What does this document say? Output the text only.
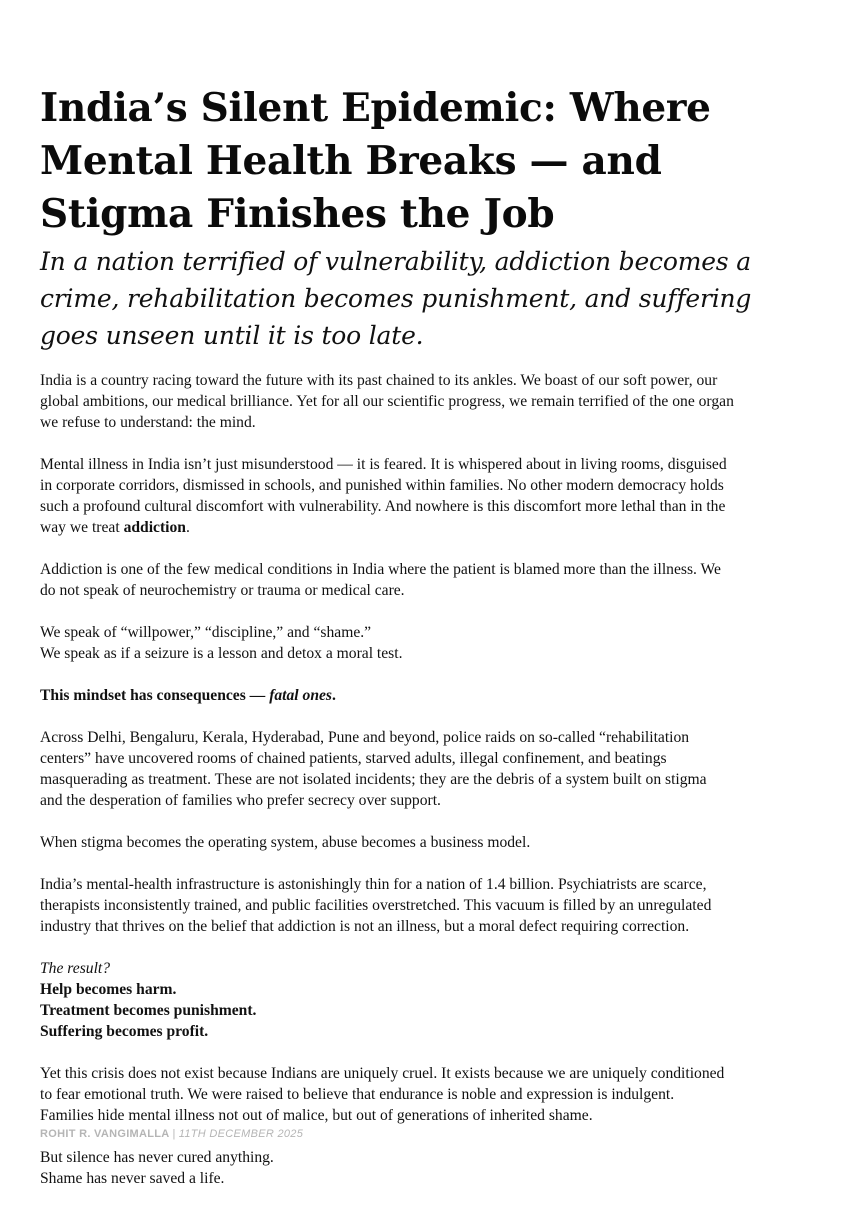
India’s Silent Epidemic: Where
Mental Health Breaks — and
Stigma Finishes the Job
In a nation terrified of vulnerability, addiction becomes a
crime, rehabilitation becomes punishment, and suffering
goes unseen until it is too late.

India is a country racing toward the future with its past chained to its ankles. We boast of our soft power, our
global ambitions, our medical brilliance. Yet for all our scientific progress, we remain terrified of the one organ
we refuse to understand: the mind.

Mental illness in India isn’t just misunderstood — it is feared. It is whispered about in living rooms, disguised
in corporate corridors, dismissed in schools, and punished within families. No other modern democracy holds
such a profound cultural discomfort with vulnerability. And nowhere is this discomfort more lethal than in the
way we treat addiction.

Addiction is one of the few medical conditions in India where the patient is blamed more than the illness. We
do not speak of neurochemistry or trauma or medical care.

We speak of “willpower,” “discipline,” and “shame.”
We speak as if a seizure is a lesson and detox a moral test.

This mindset has consequences — fatal ones.

Across Delhi, Bengaluru, Kerala, Hyderabad, Pune and beyond, police raids on so-called “rehabilitation
centers” have uncovered rooms of chained patients, starved adults, illegal confinement, and beatings
masquerading as treatment. These are not isolated incidents; they are the debris of a system built on stigma
and the desperation of families who prefer secrecy over support.

When stigma becomes the operating system, abuse becomes a business model.

India’s mental-health infrastructure is astonishingly thin for a nation of 1.4 billion. Psychiatrists are scarce,
therapists inconsistently trained, and public facilities overstretched. This vacuum is filled by an unregulated
industry that thrives on the belief that addiction is not an illness, but a moral defect requiring correction.

The result?
Help becomes harm.
Treatment becomes punishment.
Suffering becomes profit.

Yet this crisis does not exist because Indians are uniquely cruel. It exists because we are uniquely conditioned
to fear emotional truth. We were raised to believe that endurance is noble and expression is indulgent.
Families hide mental illness not out of malice, but out of generations of inherited shame.

But silence has never cured anything.
Shame has never saved a life.

ROHIT R. VANGIMALLA | 11TH DECEMBER 2025
